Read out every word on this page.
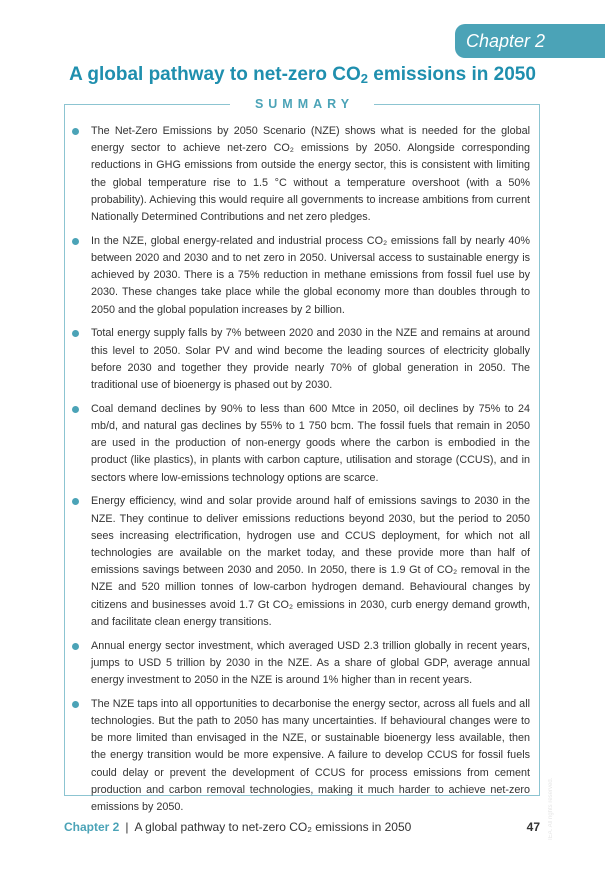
Chapter 2
A global pathway to net-zero $CO_2$ emissions in 2050
SUMMARY
The Net-Zero Emissions by 2050 Scenario (NZE) shows what is needed for the global energy sector to achieve net-zero CO₂ emissions by 2050. Alongside corresponding reductions in GHG emissions from outside the energy sector, this is consistent with limiting the global temperature rise to 1.5 °C without a temperature overshoot (with a 50% probability). Achieving this would require all governments to increase ambitions from current Nationally Determined Contributions and net zero pledges.
In the NZE, global energy-related and industrial process CO₂ emissions fall by nearly 40% between 2020 and 2030 and to net zero in 2050. Universal access to sustainable energy is achieved by 2030. There is a 75% reduction in methane emissions from fossil fuel use by 2030. These changes take place while the global economy more than doubles through to 2050 and the global population increases by 2 billion.
Total energy supply falls by 7% between 2020 and 2030 in the NZE and remains at around this level to 2050. Solar PV and wind become the leading sources of electricity globally before 2030 and together they provide nearly 70% of global generation in 2050. The traditional use of bioenergy is phased out by 2030.
Coal demand declines by 90% to less than 600 Mtce in 2050, oil declines by 75% to 24 mb/d, and natural gas declines by 55% to 1 750 bcm. The fossil fuels that remain in 2050 are used in the production of non-energy goods where the carbon is embodied in the product (like plastics), in plants with carbon capture, utilisation and storage (CCUS), and in sectors where low-emissions technology options are scarce.
Energy efficiency, wind and solar provide around half of emissions savings to 2030 in the NZE. They continue to deliver emissions reductions beyond 2030, but the period to 2050 sees increasing electrification, hydrogen use and CCUS deployment, for which not all technologies are available on the market today, and these provide more than half of emissions savings between 2030 and 2050. In 2050, there is 1.9 Gt of CO₂ removal in the NZE and 520 million tonnes of low-carbon hydrogen demand. Behavioural changes by citizens and businesses avoid 1.7 Gt CO₂ emissions in 2030, curb energy demand growth, and facilitate clean energy transitions.
Annual energy sector investment, which averaged USD 2.3 trillion globally in recent years, jumps to USD 5 trillion by 2030 in the NZE. As a share of global GDP, average annual energy investment to 2050 in the NZE is around 1% higher than in recent years.
The NZE taps into all opportunities to decarbonise the energy sector, across all fuels and all technologies. But the path to 2050 has many uncertainties. If behavioural changes were to be more limited than envisaged in the NZE, or sustainable bioenergy less available, then the energy transition would be more expensive. A failure to develop CCUS for fossil fuels could delay or prevent the development of CCUS for process emissions from cement production and carbon removal technologies, making it much harder to achieve net-zero emissions by 2050.
Chapter 2 | A global pathway to net-zero CO₂ emissions in 2050	47 IEA. All rights reserved.
